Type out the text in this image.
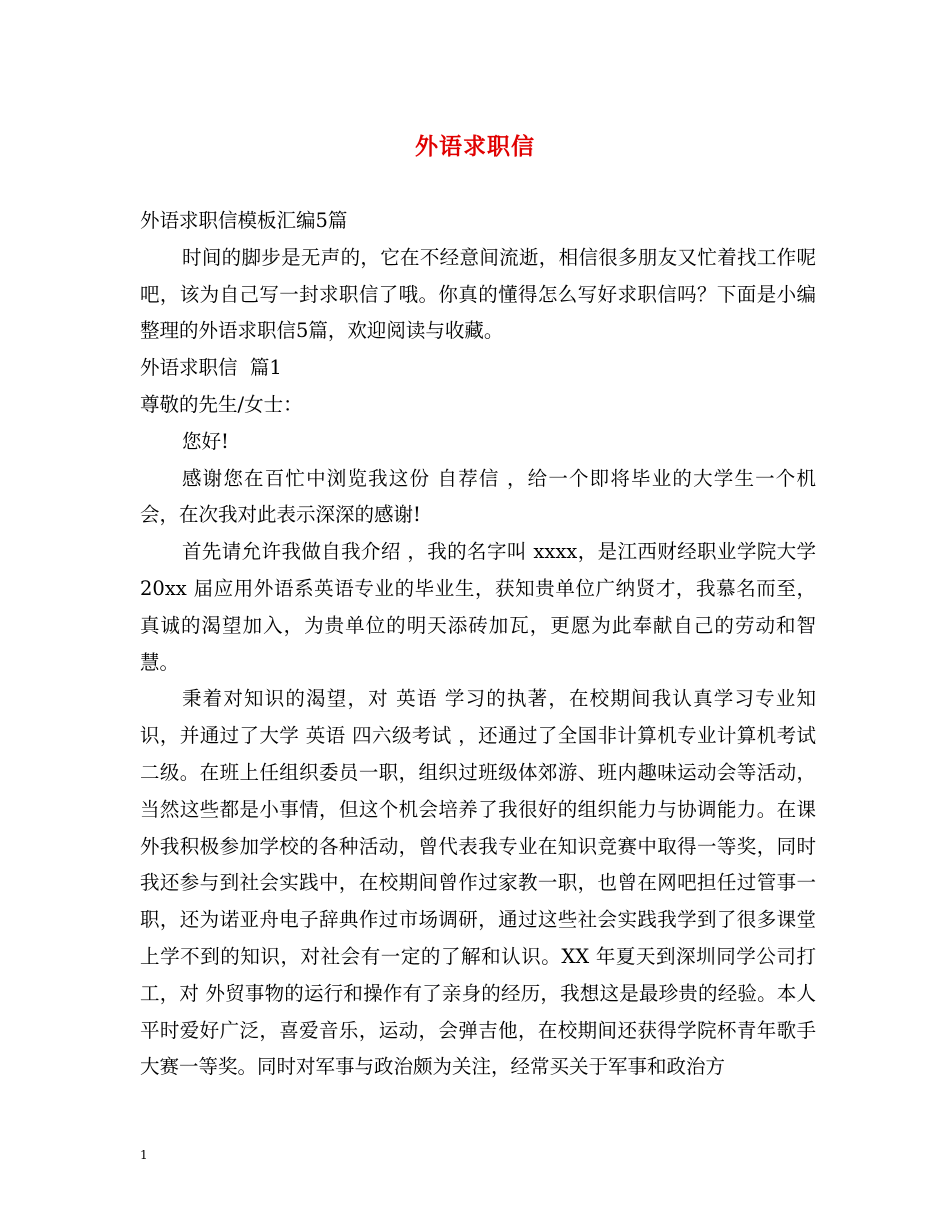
外语求职信

外语求职信模板汇编5篇

时间的脚步是无声的，它在不经意间流逝，相信很多朋友又忙着找工作呢吧，该为自己写一封求职信了哦。你真的懂得怎么写好求职信吗？下面是小编整理的外语求职信5篇，欢迎阅读与收藏。

外语求职信  篇1

尊敬的先生/女士：

您好!

感谢您在百忙中浏览我这份 自荐信 ，给一个即将毕业的大学生一个机会，在次我对此表示深深的感谢!

首先请允许我做自我介绍 ，我的名字叫 xxxx，是江西财经职业学院大学 20xx 届应用外语系英语专业的毕业生，获知贵单位广纳贤才，我慕名而至，真诚的渴望加入，为贵单位的明天添砖加瓦，更愿为此奉献自己的劳动和智慧。

秉着对知识的渴望，对 英语 学习的执著，在校期间我认真学习专业知识，并通过了大学 英语 四六级考试 ，还通过了全国非计算机专业计算机考试 二级。在班上任组织委员一职，组织过班级体郊游、班内趣味运动会等活动，当然这些都是小事情，但这个机会培养了我很好的组织能力与协调能力。在课外我积极参加学校的各种活动，曾代表我专业在知识竞赛中取得一等奖，同时我还参与到社会实践中，在校期间曾作过家教一职，也曾在网吧担任过管事一职，还为诺亚舟电子辞典作过市场调研，通过这些社会实践我学到了很多课堂上学不到的知识，对社会有一定的了解和认识。XX 年夏天到深圳同学公司打工，对 外贸事物的运行和操作有了亲身的经历，我想这是最珍贵的经验。本人平时爱好广泛，喜爱音乐，运动，会弹吉他，在校期间还获得学院杯青年歌手大赛一等奖。同时对军事与政治颇为关注，经常买关于军事和政治方

1
